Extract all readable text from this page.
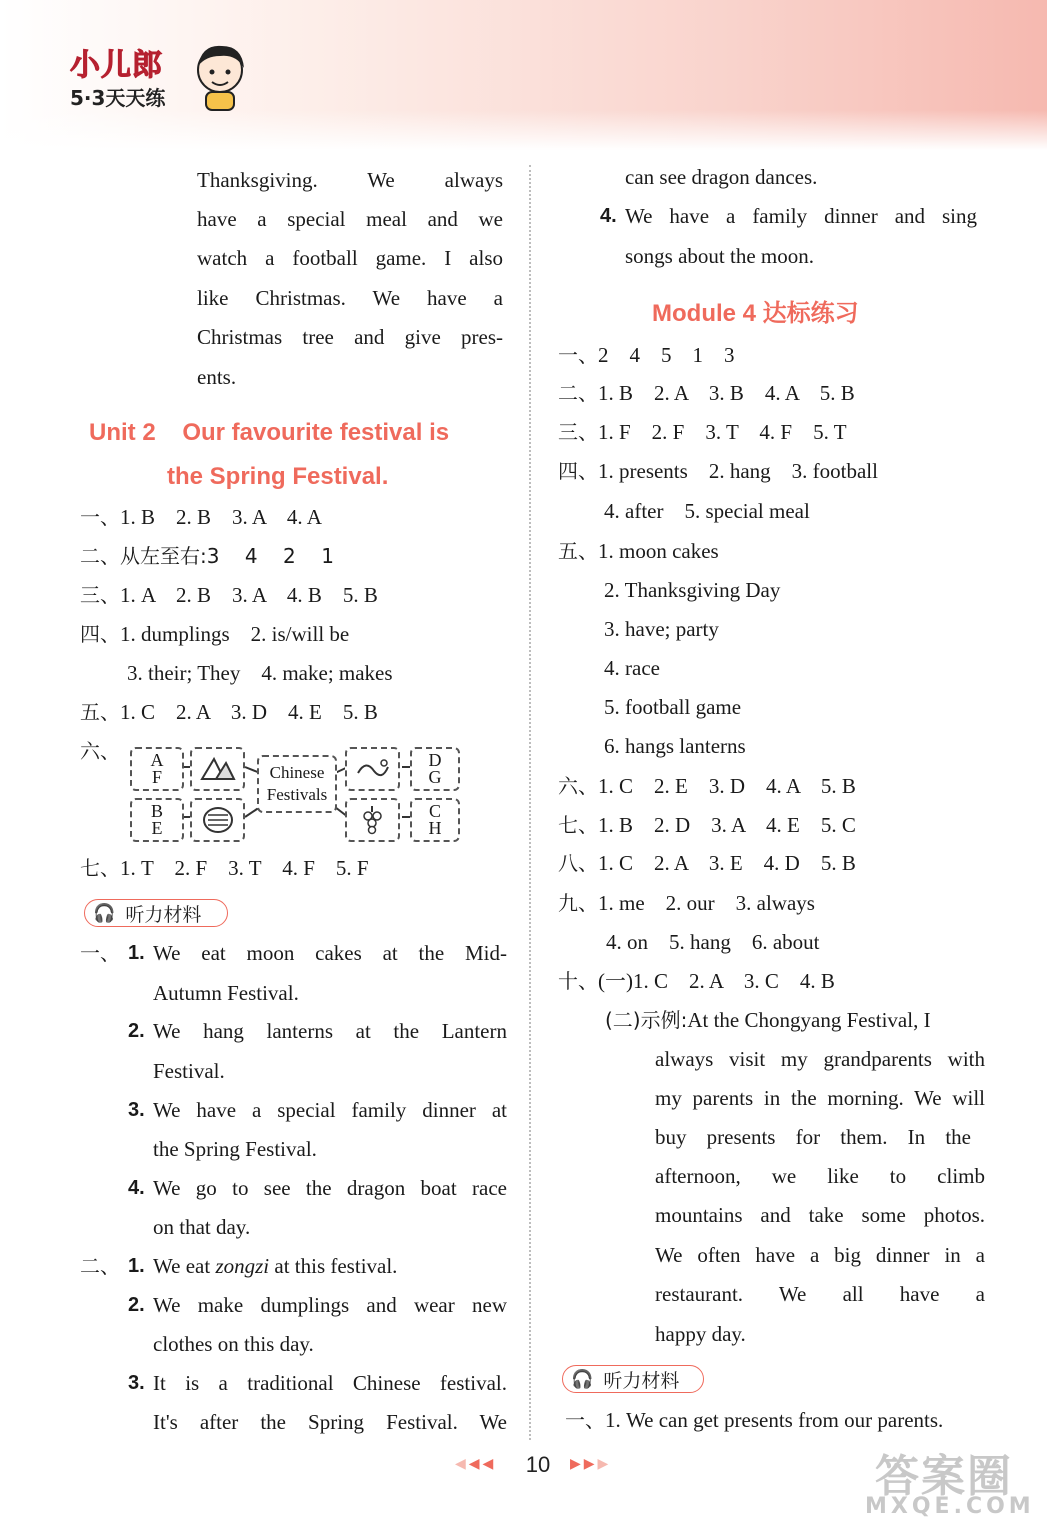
小儿郎
5·3天天练
Thanksgiving. We always
have a special meal and we
watch a football game. I also
like Christmas. We have a
Christmas tree and give pres-
ents.
Unit 2    Our favourite festival is
the Spring Festival.
一、1. B    2. B    3. A    4. A
二、从左至右:3    4    2    1
三、1. A    2. B    3. A    4. B    5. B
四、1. dumplings    2. is/will be
3. their; They    4. make; makes
五、1. C    2. A    3. D    4. E    5. B
六、 A
F
B
E
Chinese
Festivals
D
G
C
H
七、1. T    2. F    3. T    4. F    5. F
🎧 听力材料
一、 1. We eat moon cakes at the Mid-
Autumn Festival.
2. We hang lanterns at the Lantern
Festival.
3. We have a special family dinner at
the Spring Festival.
4. We go to see the dragon boat race
on that day.
二、 1. We eat zongzi at this festival.
2. We make dumplings and wear new
clothes on this day.
3. It is a traditional Chinese festival.
It's after the Spring Festival. We
can see dragon dances.
4. We have a family dinner and sing
songs about the moon.
Module 4 达标练习
一、2    4    5    1    3
二、1. B    2. A    3. B    4. A    5. B
三、1. F    2. F    3. T    4. F    5. T
四、1. presents    2. hang    3. football
4. after    5. special meal
五、1. moon cakes
2. Thanksgiving Day
3. have; party
4. race
5. football game
6. hangs lanterns
六、1. C    2. E    3. D    4. A    5. B
七、1. B    2. D    3. A    4. E    5. C
八、1. C    2. A    3. E    4. D    5. B
九、1. me    2. our    3. always
4. on    5. hang    6. about
十、(一)1. C    2. A    3. C    4. B
(二)示例:At the Chongyang Festival, I
always visit my grandparents with
my parents in the morning. We will
buy presents for them. In the
afternoon, we like to climb
mountains and take some photos.
We often have a big dinner in a
restaurant. We all have a
happy day.
🎧 听力材料
一、1. We can get presents from our parents.
◀◀◀	10	▶▶▶	答案圈
MXQE.COM
